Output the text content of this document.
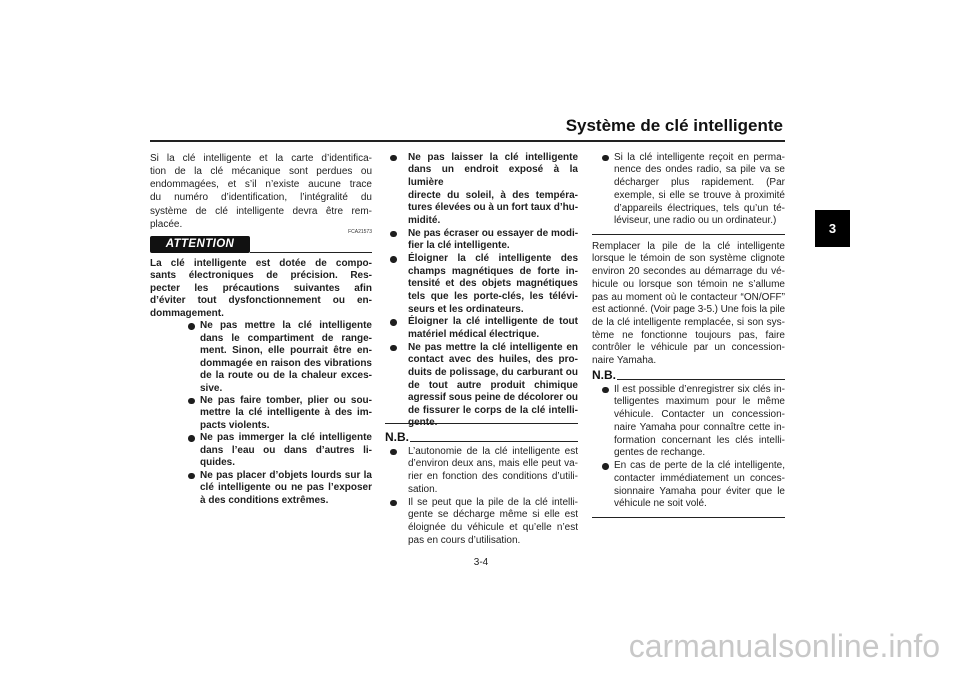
Système de clé intelligente
3
Si la clé intelligente et la carte d’identifica-
tion de la clé mécanique sont perdues ou
endommagées, et s’il n’existe aucune trace
du numéro d’identification, l’intégralité du
système de clé intelligente devra être rem-
placée.
FCA21573
ATTENTION
La clé intelligente est dotée de compo-
sants électroniques de précision. Res-
pecter les précautions suivantes afin
d’éviter tout dysfonctionnement ou en-
dommagement.
Ne pas mettre la clé intelligente
dans le compartiment de range-
ment. Sinon, elle pourrait être en-
dommagée en raison des vibrations
de la route ou de la chaleur exces-
sive.
Ne pas faire tomber, plier ou sou-
mettre la clé intelligente à des im-
pacts violents.
Ne pas immerger la clé intelligente
dans l’eau ou dans d’autres li-
quides.
Ne pas placer d’objets lourds sur la
clé intelligente ou ne pas l’exposer
à des conditions extrêmes.
Ne pas laisser la clé intelligente
dans un endroit exposé à la lumière
directe du soleil, à des tempéra-
tures élevées ou à un fort taux d’hu-
midité.
Ne pas écraser ou essayer de modi-
fier la clé intelligente.
Éloigner la clé intelligente des
champs magnétiques de forte in-
tensité et des objets magnétiques
tels que les porte-clés, les télévi-
seurs et les ordinateurs.
Éloigner la clé intelligente de tout
matériel médical électrique.
Ne pas mettre la clé intelligente en
contact avec des huiles, des pro-
duits de polissage, du carburant ou
de tout autre produit chimique
agressif sous peine de décolorer ou
de fissurer le corps de la clé intelli-
N.B.
L’autonomie de la clé intelligente est
d’environ deux ans, mais elle peut va-
rier en fonction des conditions d’utili-
sation.
Il se peut que la pile de la clé intelli-
gente se décharge même si elle est
éloignée du véhicule et qu’elle n’est
pas en cours d’utilisation.
3-4
Si la clé intelligente reçoit en perma-
nence des ondes radio, sa pile va se
décharger plus rapidement. (Par
exemple, si elle se trouve à proximité
d’appareils électriques, tels qu’un té-
léviseur, une radio ou un ordinateur.)
Remplacer la pile de la clé intelligente
lorsque le témoin de son système clignote
environ 20 secondes au démarrage du vé-
hicule ou lorsque son témoin ne s’allume
pas au moment où le contacteur “ON/OFF”
est actionné. (Voir page 3-5.) Une fois la pile
de la clé intelligente remplacée, si son sys-
tème ne fonctionne toujours pas, faire
contrôler le véhicule par un concession-
naire Yamaha.
N.B.
Il est possible d’enregistrer six clés in-
telligentes maximum pour le même
véhicule. Contacter un concession-
naire Yamaha pour connaître cette in-
formation concernant les clés intelli-
gentes de rechange.
En cas de perte de la clé intelligente,
contacter immédiatement un conces-
sionnaire Yamaha pour éviter que le
véhicule ne soit volé.
carmanualsonline.info
